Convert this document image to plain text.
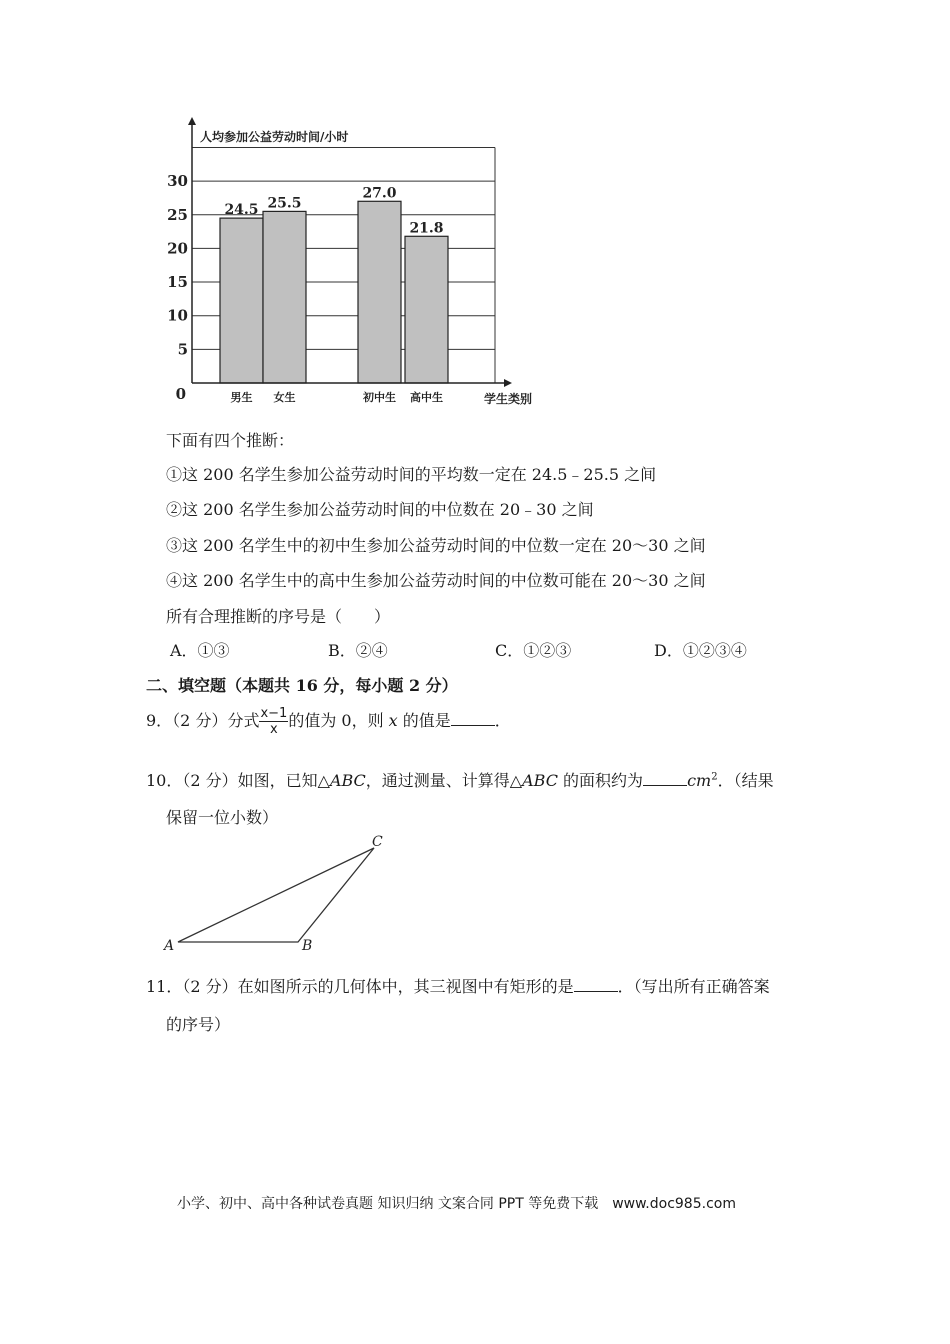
30
25
20
15
10
5
0	男生 女生	初中生 高中生
24.5 25.5
27.0
21.8
人均参加公益劳动时间/小时
学生类别
下面有四个推断：
①这 200 名学生参加公益劳动时间的平均数一定在 24.5﹣25.5 之间
②这 200 名学生参加公益劳动时间的中位数在 20﹣30 之间
③这 200 名学生中的初中生参加公益劳动时间的中位数一定在 20～30 之间
④这 200 名学生中的高中生参加公益劳动时间的中位数可能在 20～30 之间
所有合理推断的序号是（　　）
A．①③	B．②④	C．①②③	D．①②③④
二、填空题（本题共 16 分，每小题 2 分）
9．（2 分）分式 $\frac{x-1}{x}$ 的值为 0，则 x 的值是	．
10．（2 分）如图，已知△ABC，通过测量、计算得△ABC 的面积约为	$cm^2$．（结果
保留一位小数）
A	B
C
11．（2 分）在如图所示的几何体中，其三视图中有矩形的是	．（写出所有正确答案
的序号）
小学、初中、高中各种试卷真题 知识归纳 文案合同 PPT 等免费下载　www.doc985.com
